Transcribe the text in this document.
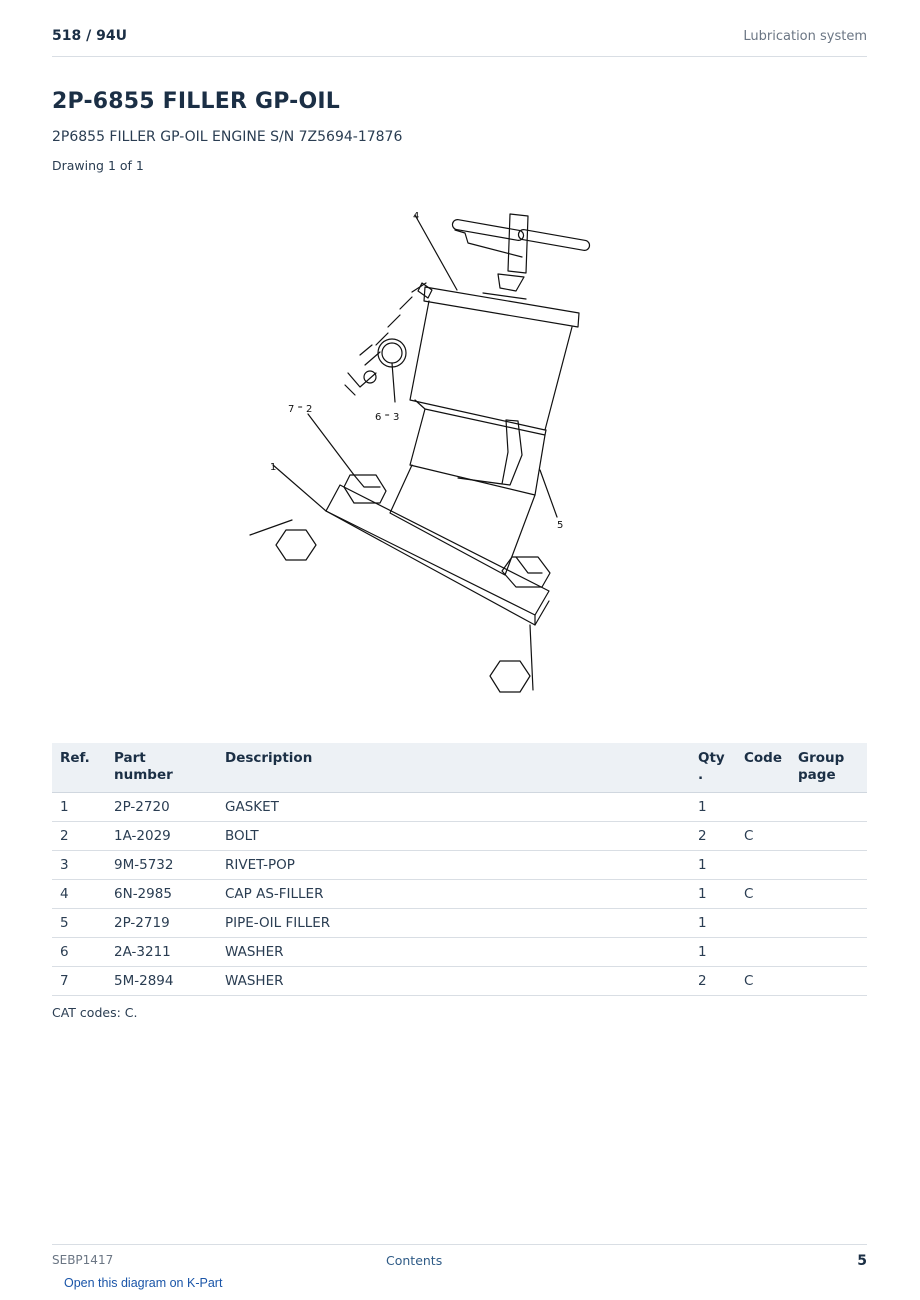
518 / 94U	Lubrication system
2P-6855 FILLER GP-OIL
2P6855 FILLER GP-OIL ENGINE S/N 7Z5694-17876
Drawing 1 of 1
4
7 ⁼ 2
6 ⁼ 3
1
5
Ref.	Part number	Description	Qty .	Code	Group page
1	2P-2720	GASKET	1		
2	1A-2029	BOLT	2	C	
3	9M-5732	RIVET-POP	1		
4	6N-2985	CAP AS-FILLER	1	C	
5	2P-2719	PIPE-OIL FILLER	1		
6	2A-3211	WASHER	1		
7	5M-2894	WASHER	2	C	
CAT codes: C.
SEBP1417	Contents	5
Open this diagram on K-Part
